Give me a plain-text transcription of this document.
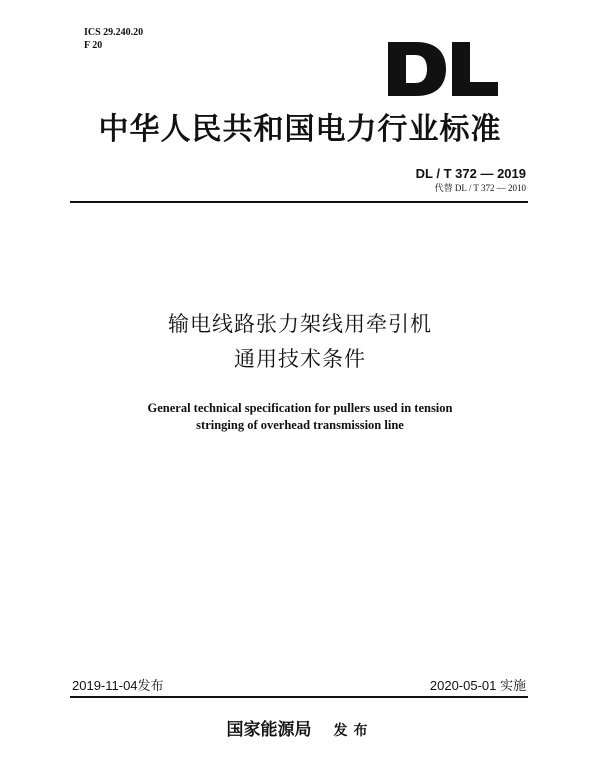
ICS 29.240.20
F 20
中华人民共和国电力行业标准
DL / T 372 — 2019
代替 DL / T 372 — 2010
输电线路张力架线用牵引机
通用技术条件
General technical specification for pullers used in tension
stringing of overhead transmission line
2019-11-04发布	2020-05-01 实施
国家能源局 发布
